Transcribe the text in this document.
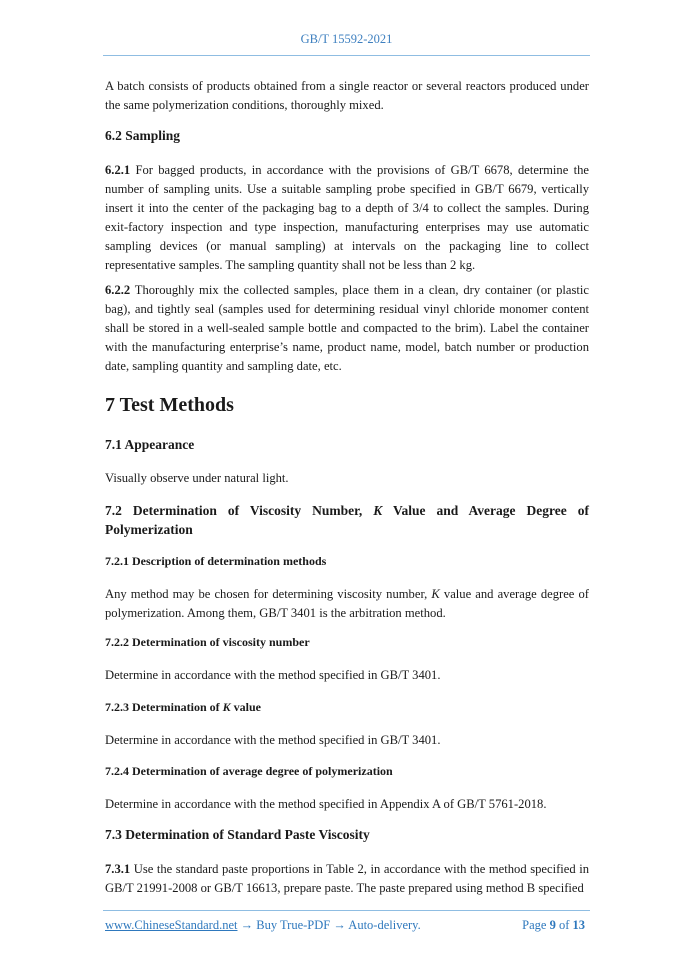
GB/T 15592-2021

A batch consists of products obtained from a single reactor or several reactors produced under the same polymerization conditions, thoroughly mixed.

6.2 Sampling

6.2.1 For bagged products, in accordance with the provisions of GB/T 6678, determine the number of sampling units. Use a suitable sampling probe specified in GB/T 6679, vertically insert it into the center of the packaging bag to a depth of 3/4 to collect the samples. During exit-factory inspection and type inspection, manufacturing enterprises may use automatic sampling devices (or manual sampling) at intervals on the packaging line to collect representative samples. The sampling quantity shall not be less than 2 kg.

6.2.2 Thoroughly mix the collected samples, place them in a clean, dry container (or plastic bag), and tightly seal (samples used for determining residual vinyl chloride monomer content shall be stored in a well-sealed sample bottle and compacted to the brim). Label the container with the manufacturing enterprise’s name, product name, model, batch number or production date, sampling quantity and sampling date, etc.

7 Test Methods

7.1 Appearance

Visually observe under natural light.

7.2 Determination of Viscosity Number, K Value and Average Degree of Polymerization

7.2.1 Description of determination methods

Any method may be chosen for determining viscosity number, K value and average degree of polymerization. Among them, GB/T 3401 is the arbitration method.

7.2.2 Determination of viscosity number

Determine in accordance with the method specified in GB/T 3401.

7.2.3 Determination of K value

Determine in accordance with the method specified in GB/T 3401.

7.2.4 Determination of average degree of polymerization

Determine in accordance with the method specified in Appendix A of GB/T 5761-2018.

7.3 Determination of Standard Paste Viscosity

7.3.1 Use the standard paste proportions in Table 2, in accordance with the method specified in GB/T 21991-2008 or GB/T 16613, prepare paste. The paste prepared using method B specified

www.ChineseStandard.net → Buy True-PDF → Auto-delivery.	Page 9 of 13
